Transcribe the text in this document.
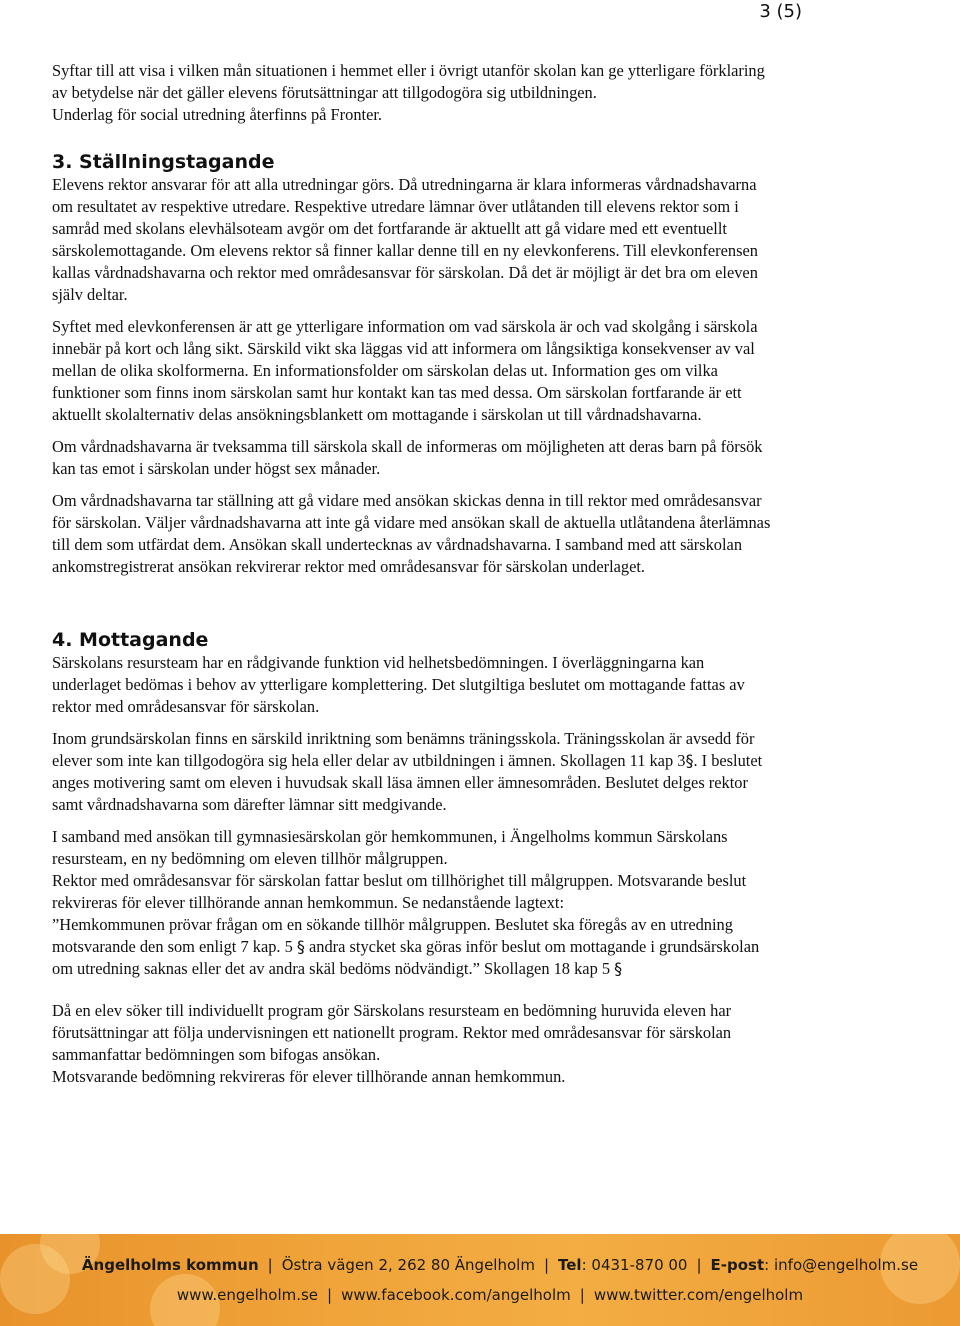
3 (5)

Syftar till att visa i vilken mån situationen i hemmet eller i övrigt utanför skolan kan ge ytterligare förklaring
av betydelse när det gäller elevens förutsättningar att tillgodogöra sig utbildningen.
Underlag för social utredning återfinns på Fronter.

3. Ställningstagande

Elevens rektor ansvarar för att alla utredningar görs. Då utredningarna är klara informeras vårdnadshavarna
om resultatet av respektive utredare. Respektive utredare lämnar över utlåtanden till elevens rektor som i
samråd med skolans elevhälsoteam avgör om det fortfarande är aktuellt att gå vidare med ett eventuellt
särskolemottagande. Om elevens rektor så finner kallar denne till en ny elevkonferens. Till elevkonferensen
kallas vårdnadshavarna och rektor med områdesansvar för särskolan. Då det är möjligt är det bra om eleven
själv deltar.

Syftet med elevkonferensen är att ge ytterligare information om vad särskola är och vad skolgång i särskola
innebär på kort och lång sikt. Särskild vikt ska läggas vid att informera om långsiktiga konsekvenser av val
mellan de olika skolformerna. En informationsfolder om särskolan delas ut. Information ges om vilka
funktioner som finns inom särskolan samt hur kontakt kan tas med dessa. Om särskolan fortfarande är ett
aktuellt skolalternativ delas ansökningsblankett om mottagande i särskolan ut till vårdnadshavarna.

Om vårdnadshavarna är tveksamma till särskola skall de informeras om möjligheten att deras barn på försök
kan tas emot i särskolan under högst sex månader.

Om vårdnadshavarna tar ställning att gå vidare med ansökan skickas denna in till rektor med områdesansvar
för särskolan. Väljer vårdnadshavarna att inte gå vidare med ansökan skall de aktuella utlåtandena återlämnas
till dem som utfärdat dem. Ansökan skall undertecknas av vårdnadshavarna. I samband med att särskolan
ankomstregistrerat ansökan rekvirerar rektor med områdesansvar för särskolan underlaget.

4. Mottagande

Särskolans resursteam har en rådgivande funktion vid helhetsbedömningen. I överläggningarna kan
underlaget bedömas i behov av ytterligare komplettering. Det slutgiltiga beslutet om mottagande fattas av
rektor med områdesansvar för särskolan.

Inom grundsärskolan finns en särskild inriktning som benämns träningsskola. Träningsskolan är avsedd för
elever som inte kan tillgodogöra sig hela eller delar av utbildningen i ämnen. Skollagen 11 kap 3§. I beslutet
anges motivering samt om eleven i huvudsak skall läsa ämnen eller ämnesområden. Beslutet delges rektor
samt vårdnadshavarna som därefter lämnar sitt medgivande.

I samband med ansökan till gymnasiesärskolan gör hemkommunen, i Ängelholms kommun Särskolans
resursteam, en ny bedömning om eleven tillhör målgruppen.
Rektor med områdesansvar för särskolan fattar beslut om tillhörighet till målgruppen. Motsvarande beslut
rekvireras för elever tillhörande annan hemkommun. Se nedanstående lagtext:
”Hemkommunen prövar frågan om en sökande tillhör målgruppen. Beslutet ska föregås av en utredning
motsvarande den som enligt 7 kap. 5 § andra stycket ska göras inför beslut om mottagande i grundsärskolan
om utredning saknas eller det av andra skäl bedöms nödvändigt.” Skollagen 18 kap 5 §

Då en elev söker till individuellt program gör Särskolans resursteam en bedömning huruvida eleven har
förutsättningar att följa undervisningen ett nationellt program. Rektor med områdesansvar för särskolan
sammanfattar bedömningen som bifogas ansökan.
Motsvarande bedömning rekvireras för elever tillhörande annan hemkommun.

Ängelholms kommun | Östra vägen 2, 262 80 Ängelholm | Tel: 0431-870 00 | E-post: info@engelholm.se
www.engelholm.se | www.facebook.com/angelholm | www.twitter.com/engelholm
